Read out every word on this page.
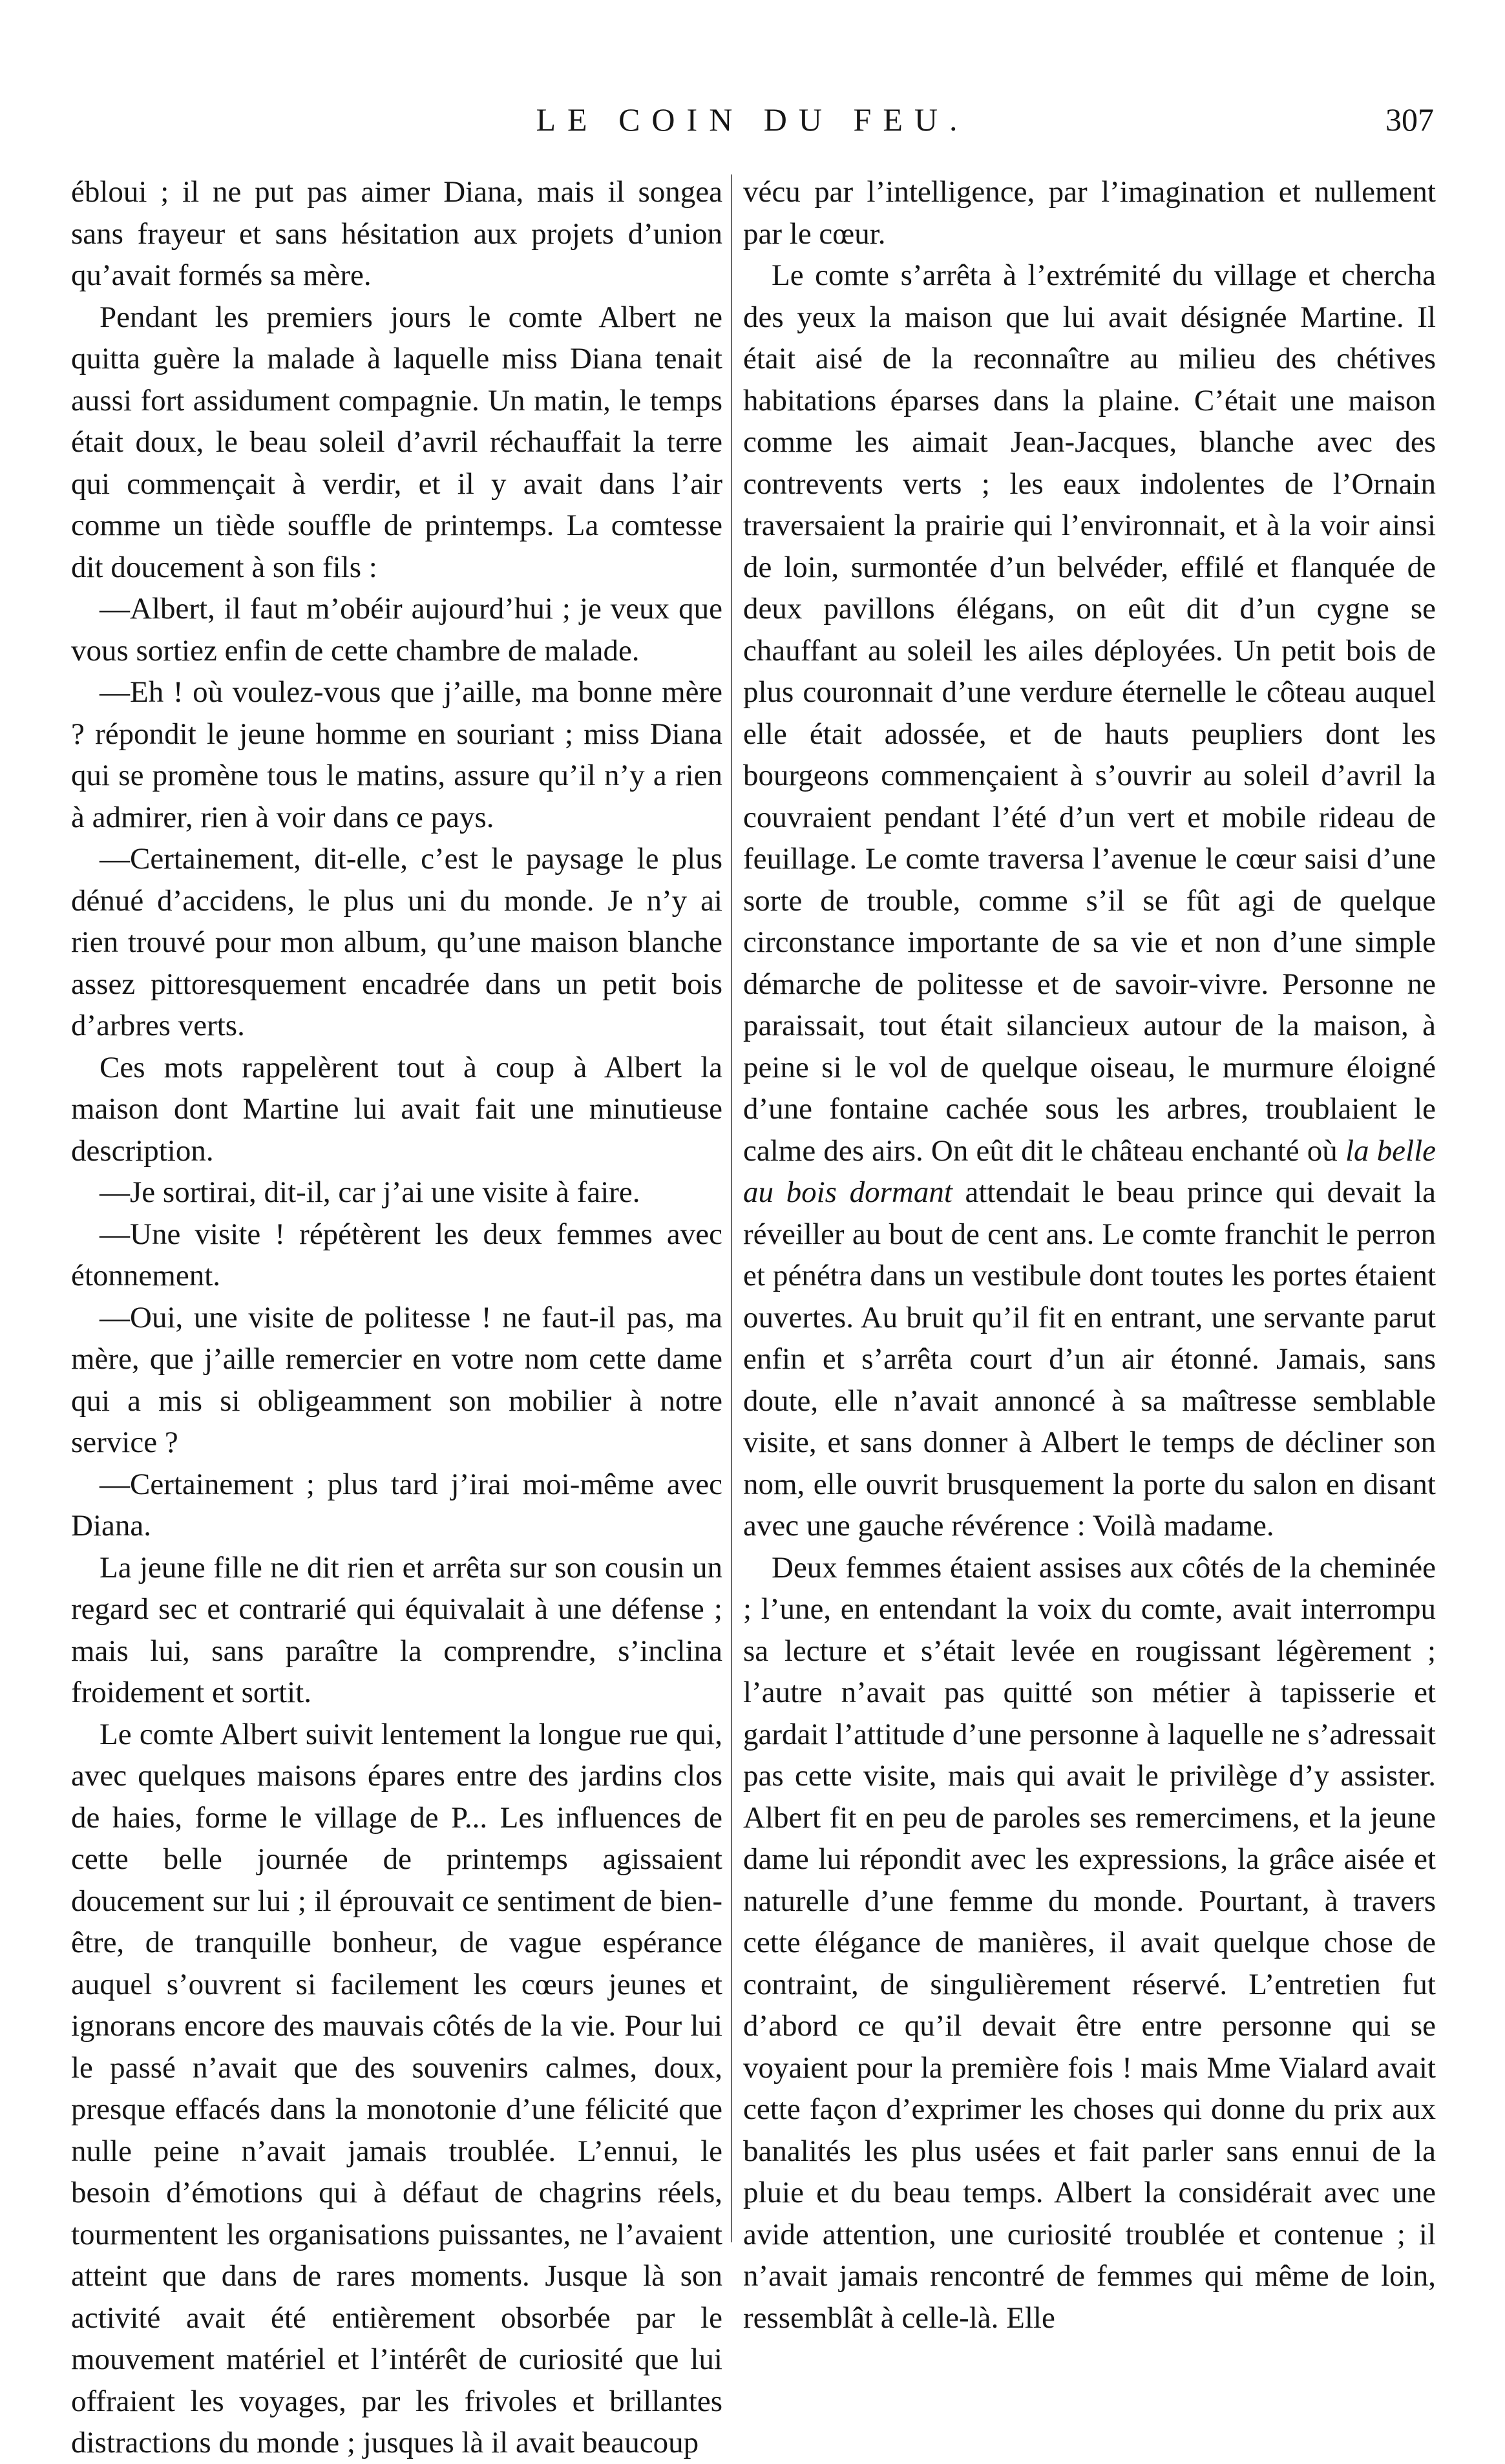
LE COIN DU FEU.	307

ébloui ; il ne put pas aimer Diana, mais il songea sans frayeur et sans hésitation aux projets d’union qu’avait formés sa mère.

Pendant les premiers jours le comte Albert ne quitta guère la malade à laquelle miss Diana tenait aussi fort assidument compagnie. Un matin, le temps était doux, le beau soleil d’avril réchauffait la terre qui commençait à verdir, et il y avait dans l’air comme un tiède souffle de printemps. La comtesse dit doucement à son fils :

—Albert, il faut m’obéir aujourd’hui ; je veux que vous sortiez enfin de cette chambre de malade.

—Eh ! où voulez-vous que j’aille, ma bonne mère ? répondit le jeune homme en souriant ; miss Diana qui se promène tous le matins, assure qu’il n’y a rien à admirer, rien à voir dans ce pays.

—Certainement, dit-elle, c’est le paysage le plus dénué d’accidens, le plus uni du monde. Je n’y ai rien trouvé pour mon album, qu’une maison blanche assez pittoresquement encadrée dans un petit bois d’arbres verts.

Ces mots rappelèrent tout à coup à Albert la maison dont Martine lui avait fait une minutieuse description.

—Je sortirai, dit-il, car j’ai une visite à faire.

—Une visite ! répétèrent les deux femmes avec étonnement.

—Oui, une visite de politesse ! ne faut-il pas, ma mère, que j’aille remercier en votre nom cette dame qui a mis si obligeamment son mobilier à notre service ?

—Certainement ; plus tard j’irai moi-même avec Diana.

La jeune fille ne dit rien et arrêta sur son cousin un regard sec et contrarié qui équivalait à une défense ; mais lui, sans paraître la comprendre, s’inclina froidement et sortit.

Le comte Albert suivit lentement la longue rue qui, avec quelques maisons épares entre des jardins clos de haies, forme le village de P... Les influences de cette belle journée de printemps agissaient doucement sur lui ; il éprouvait ce sentiment de bien-être, de tranquille bonheur, de vague espérance auquel s’ouvrent si facilement les cœurs jeunes et ignorans encore des mauvais côtés de la vie. Pour lui le passé n’avait que des souvenirs calmes, doux, presque effacés dans la monotonie d’une félicité que nulle peine n’avait jamais troublée. L’ennui, le besoin d’émotions qui à défaut de chagrins réels, tourmentent les organisations puissantes, ne l’avaient atteint que dans de rares moments. Jusque là son activité avait été entièrement obsorbée par le mouvement matériel et l’intérêt de curiosité que lui offraient les voyages, par les frivoles et brillantes distractions du monde ; jusques là il avait beaucoup

vécu par l’intelligence, par l’imagination et nullement par le cœur.

Le comte s’arrêta à l’extrémité du village et chercha des yeux la maison que lui avait désignée Martine. Il était aisé de la reconnaître au milieu des chétives habitations éparses dans la plaine. C’était une maison comme les aimait Jean-Jacques, blanche avec des contrevents verts ; les eaux indolentes de l’Ornain traversaient la prairie qui l’environnait, et à la voir ainsi de loin, surmontée d’un belvéder, effilé et flanquée de deux pavillons élégans, on eût dit d’un cygne se chauffant au soleil les ailes déployées. Un petit bois de plus couronnait d’une verdure éternelle le côteau auquel elle était adossée, et de hauts peupliers dont les bourgeons commençaient à s’ouvrir au soleil d’avril la couvraient pendant l’été d’un vert et mobile rideau de feuillage. Le comte traversa l’avenue le cœur saisi d’une sorte de trouble, comme s’il se fût agi de quelque circonstance importante de sa vie et non d’une simple démarche de politesse et de savoir-vivre. Personne ne paraissait, tout était silancieux autour de la maison, à peine si le vol de quelque oiseau, le murmure éloigné d’une fontaine cachée sous les arbres, troublaient le calme des airs. On eût dit le château enchanté où la belle au bois dormant attendait le beau prince qui devait la réveiller au bout de cent ans. Le comte franchit le perron et pénétra dans un vestibule dont toutes les portes étaient ouvertes. Au bruit qu’il fit en entrant, une servante parut enfin et s’arrêta court d’un air étonné. Jamais, sans doute, elle n’avait annoncé à sa maîtresse semblable visite, et sans donner à Albert le temps de décliner son nom, elle ouvrit brusquement la porte du salon en disant avec une gauche révérence : Voilà madame.

Deux femmes étaient assises aux côtés de la cheminée ; l’une, en entendant la voix du comte, avait interrompu sa lecture et s’était levée en rougissant légèrement ; l’autre n’avait pas quitté son métier à tapisserie et gardait l’attitude d’une personne à laquelle ne s’adressait pas cette visite, mais qui avait le privilège d’y assister. Albert fit en peu de paroles ses remercimens, et la jeune dame lui répondit avec les expressions, la grâce aisée et naturelle d’une femme du monde. Pourtant, à travers cette élégance de manières, il avait quelque chose de contraint, de singulièrement réservé. L’entretien fut d’abord ce qu’il devait être entre personne qui se voyaient pour la première fois ! mais Mme Vialard avait cette façon d’exprimer les choses qui donne du prix aux banalités les plus usées et fait parler sans ennui de la pluie et du beau temps. Albert la considérait avec une avide attention, une curiosité troublée et contenue ; il n’avait jamais rencontré de femmes qui même de loin, ressemblât à celle-là. Elle
